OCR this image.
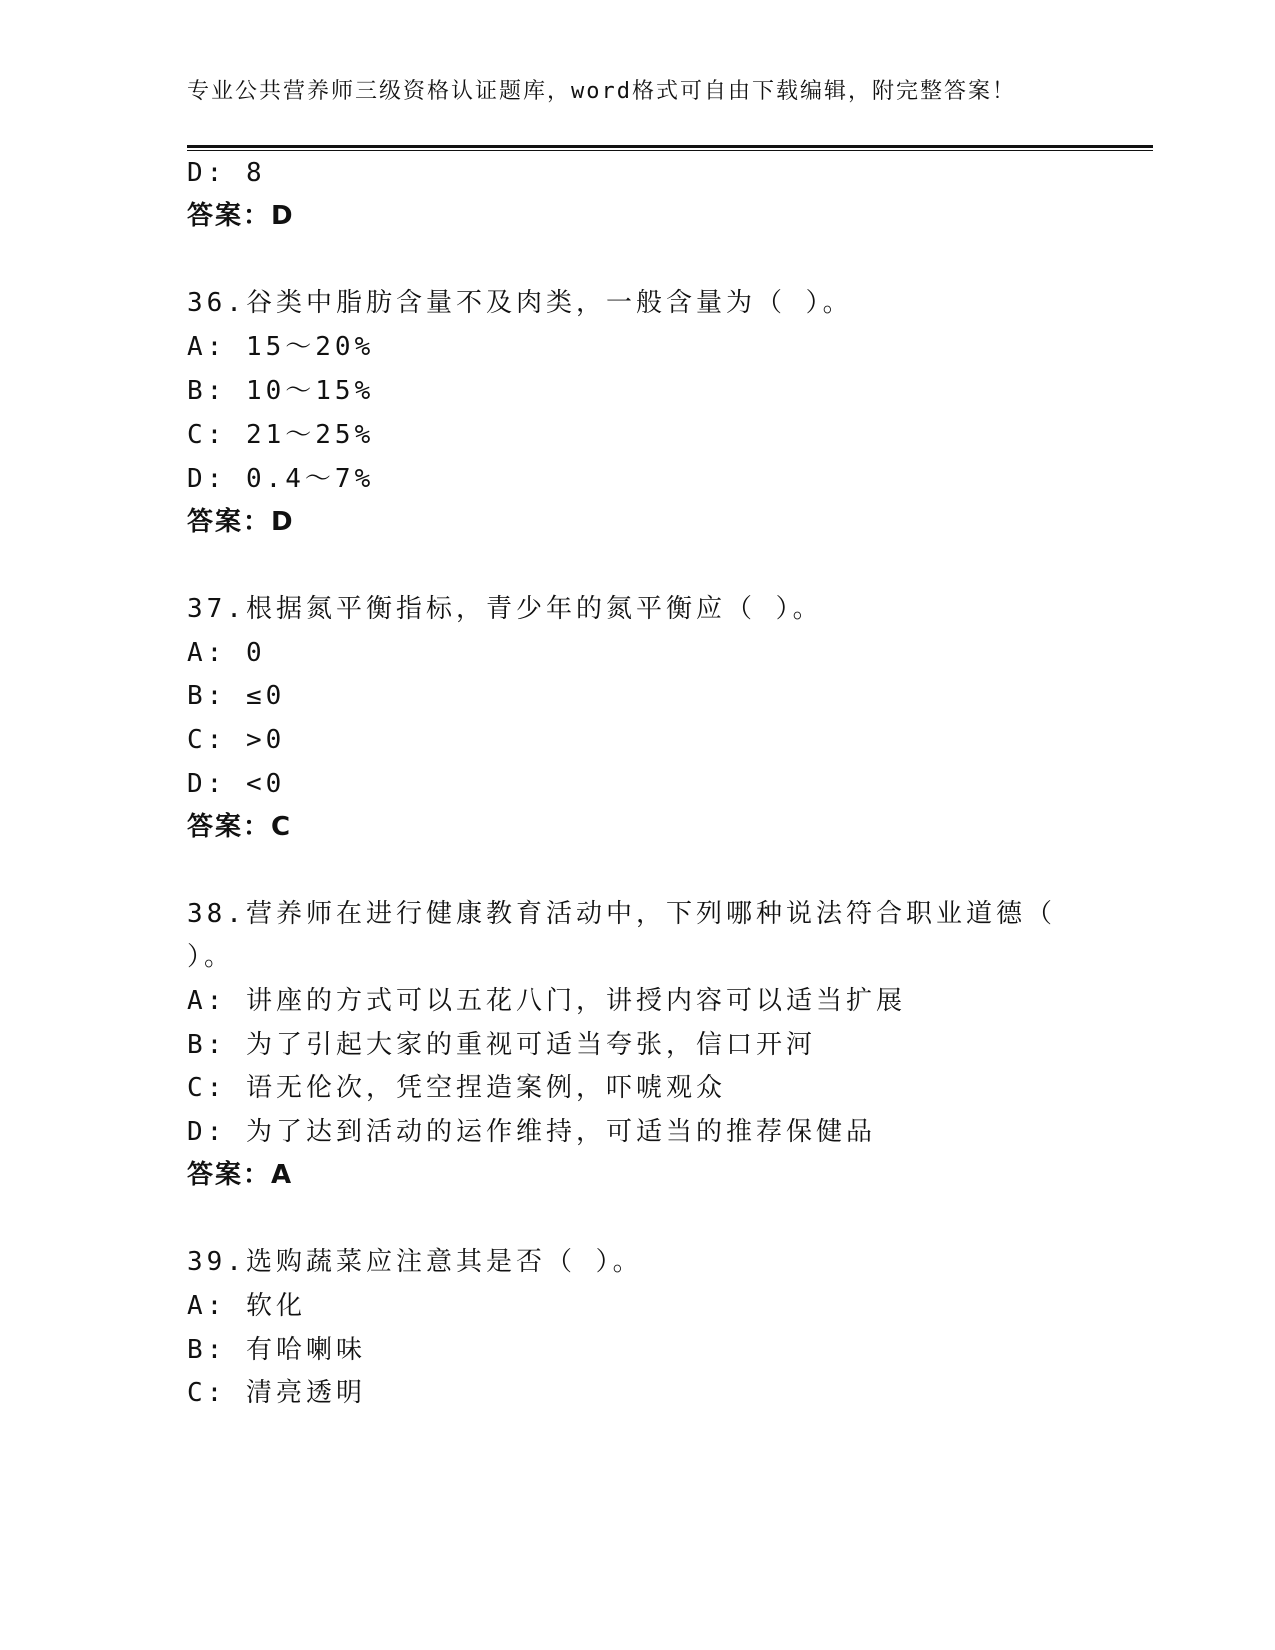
专业公共营养师三级资格认证题库，word格式可自由下载编辑，附完整答案！
D: 8
答案：D
36.谷类中脂肪含量不及肉类，一般含量为（ ）。
A: 15～20%
B: 10～15%
C: 21～25%
D: 0.4～7%
答案：D
37.根据氮平衡指标，青少年的氮平衡应（ ）。
A: 0
B: ≤0
C: >0
D: <0
答案：C
38.营养师在进行健康教育活动中，下列哪种说法符合职业道德（
）。
A: 讲座的方式可以五花八门，讲授内容可以适当扩展
B: 为了引起大家的重视可适当夸张，信口开河
C: 语无伦次，凭空捏造案例，吓唬观众
D: 为了达到活动的运作维持，可适当的推荐保健品
答案：A
39.选购蔬菜应注意其是否（ ）。
A: 软化
B: 有哈喇味
C: 清亮透明
